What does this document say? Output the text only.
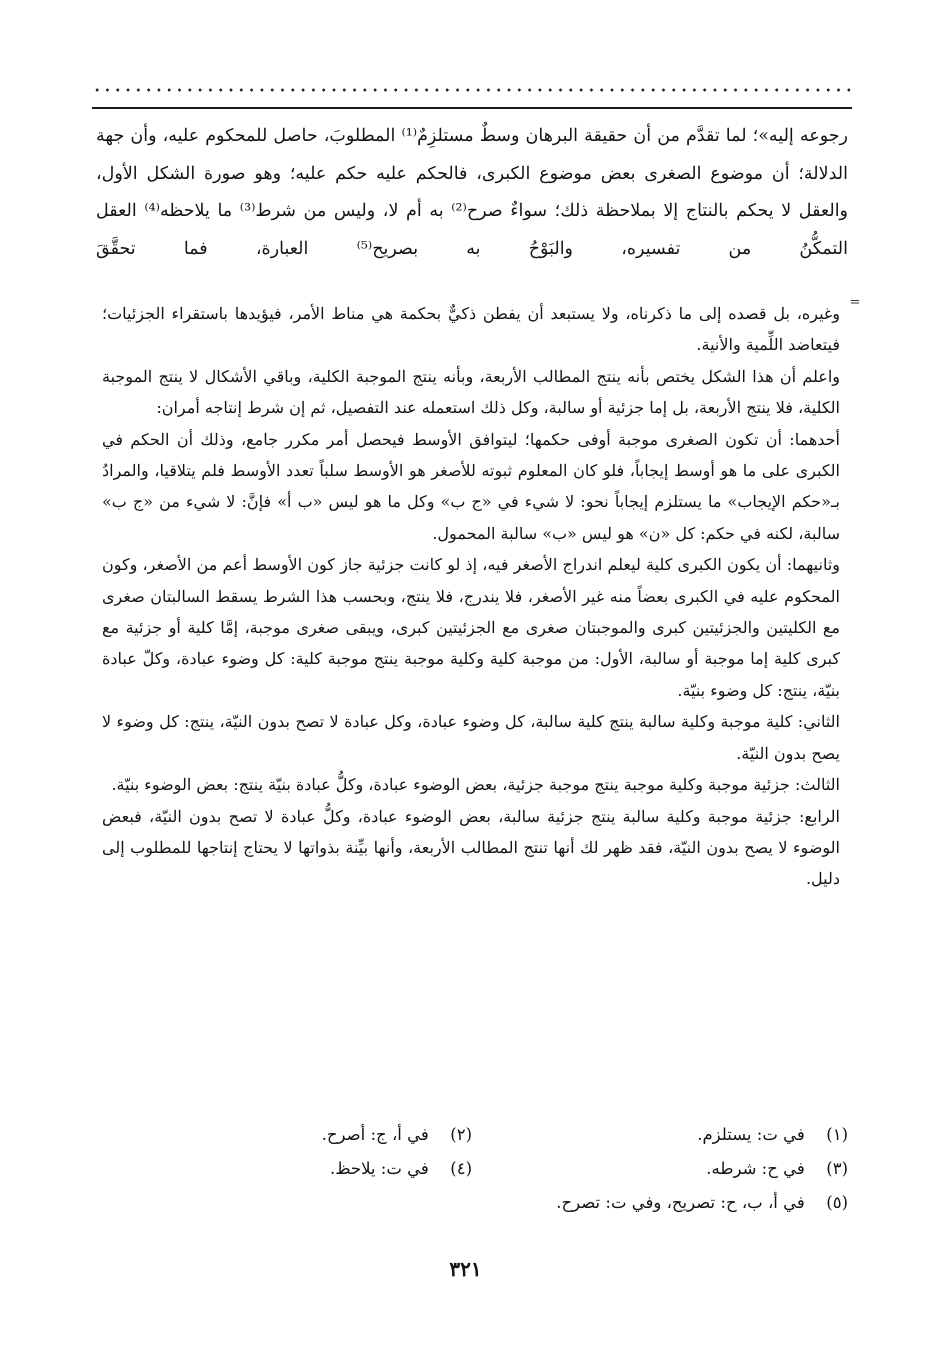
رجوعه إليه»؛ لما تقدَّم من أن حقيقة البرهان وسطٌ مستلزِمٌ⁽¹⁾ المطلوبَ، حاصل للمحكوم عليه، وأن جهة الدلالة؛ أن موضوع الصغرى بعض موضوع الكبرى، فالحكم عليه حكم عليه؛ وهو صورة الشكل الأول، والعقل لا يحكم بالنتاج إلا بملاحظة ذلك؛ سواءٌ صرح⁽²⁾ به أم لا، وليس من شرط⁽³⁾ ما يلاحظه⁽⁴⁾ العقل التمكُّنُ من تفسيره، والبَوْحُ به بصريح⁽⁵⁾ العبارة، فما تحقَّقَ

=

وغيره، بل قصده إلى ما ذكرناه، ولا يستبعد أن يفطن ذكيٌّ بحكمة هي مناط الأمر، فيؤيدها باستقراء الجزئيات؛ فيتعاضد اللِّمية والأنية.

واعلم أن هذا الشكل يختص بأنه ينتج المطالب الأربعة، وبأنه ينتج الموجبة الكلية، وباقي الأشكال لا ينتج الموجبة الكلية، فلا ينتج الأربعة، بل إما جزئية أو سالبة، وكل ذلك استعمله عند التفصيل، ثم إن شرط إنتاجه أمران:

أحدهما: أن تكون الصغرى موجبة أوفى حكمها؛ ليتوافق الأوسط فيحصل أمر مكرر جامع، وذلك أن الحكم في الكبرى على ما هو أوسط إيجاباً، فلو كان المعلوم ثبوته للأصغر هو الأوسط سلباً تعدد الأوسط فلم يتلاقيا، والمرادُ بـ«حكم الإيجاب» ما يستلزم إيجاباً نحو: لا شيء في «ج ب» وكل ما هو ليس «ب أ» فإنَّ: لا شيء من «ج ب» سالبة، لكنه في حكم: كل «ن» هو ليس «ب» سالبة المحمول.

وثانيهما: أن يكون الكبرى كلية ليعلم اندراج الأصغر فيه، إذ لو كانت جزئية جاز كون الأوسط أعم من الأصغر، وكون المحكوم عليه في الكبرى بعضاً منه غير الأصغر، فلا يندرج، فلا ينتج، وبحسب هذا الشرط يسقط السالبتان صغرى مع الكليتين والجزئيتين كبرى والموجبتان صغرى مع الجزئيتين كبرى، ويبقى صغرى موجبة، إمَّا كلية أو جزئية مع كبرى كلية إما موجبة أو سالبة، الأول: من موجبة كلية وكلية موجبة ينتج موجبة كلية: كل وضوء عبادة، وكلّ عبادة بنيّة، ينتج: كل وضوء بنيّة.

الثاني: كلية موجبة وكلية سالبة ينتج كلية سالبة، كل وضوء عبادة، وكل عبادة لا تصح بدون النيّة، ينتج: كل وضوء لا يصح بدون النيّة.

الثالث: جزئية موجبة وكلية موجبة ينتج موجبة جزئية، بعض الوضوء عبادة، وكلُّ عبادة بنيّة ينتج: بعض الوضوء بنيّة.

الرابع: جزئية موجبة وكلية سالبة ينتج جزئية سالبة، بعض الوضوء عبادة، وكلُّ عبادة لا تصح بدون النيّة، فبعض الوضوء لا يصح بدون النيّة، فقد ظهر لك أنها تنتج المطالب الأربعة، وأنها بيِّنة بذواتها لا يحتاج إنتاجها للمطلوب إلى دليل.

(١) في ت: يستلزم.
(٢) في أ، ج: أصرح.
(٣) في ح: شرطه.
(٤) في ت: يلاحظ.
(٥) في أ، ب، ح: تصريح، وفي ت: تصرح.
٣٢١
